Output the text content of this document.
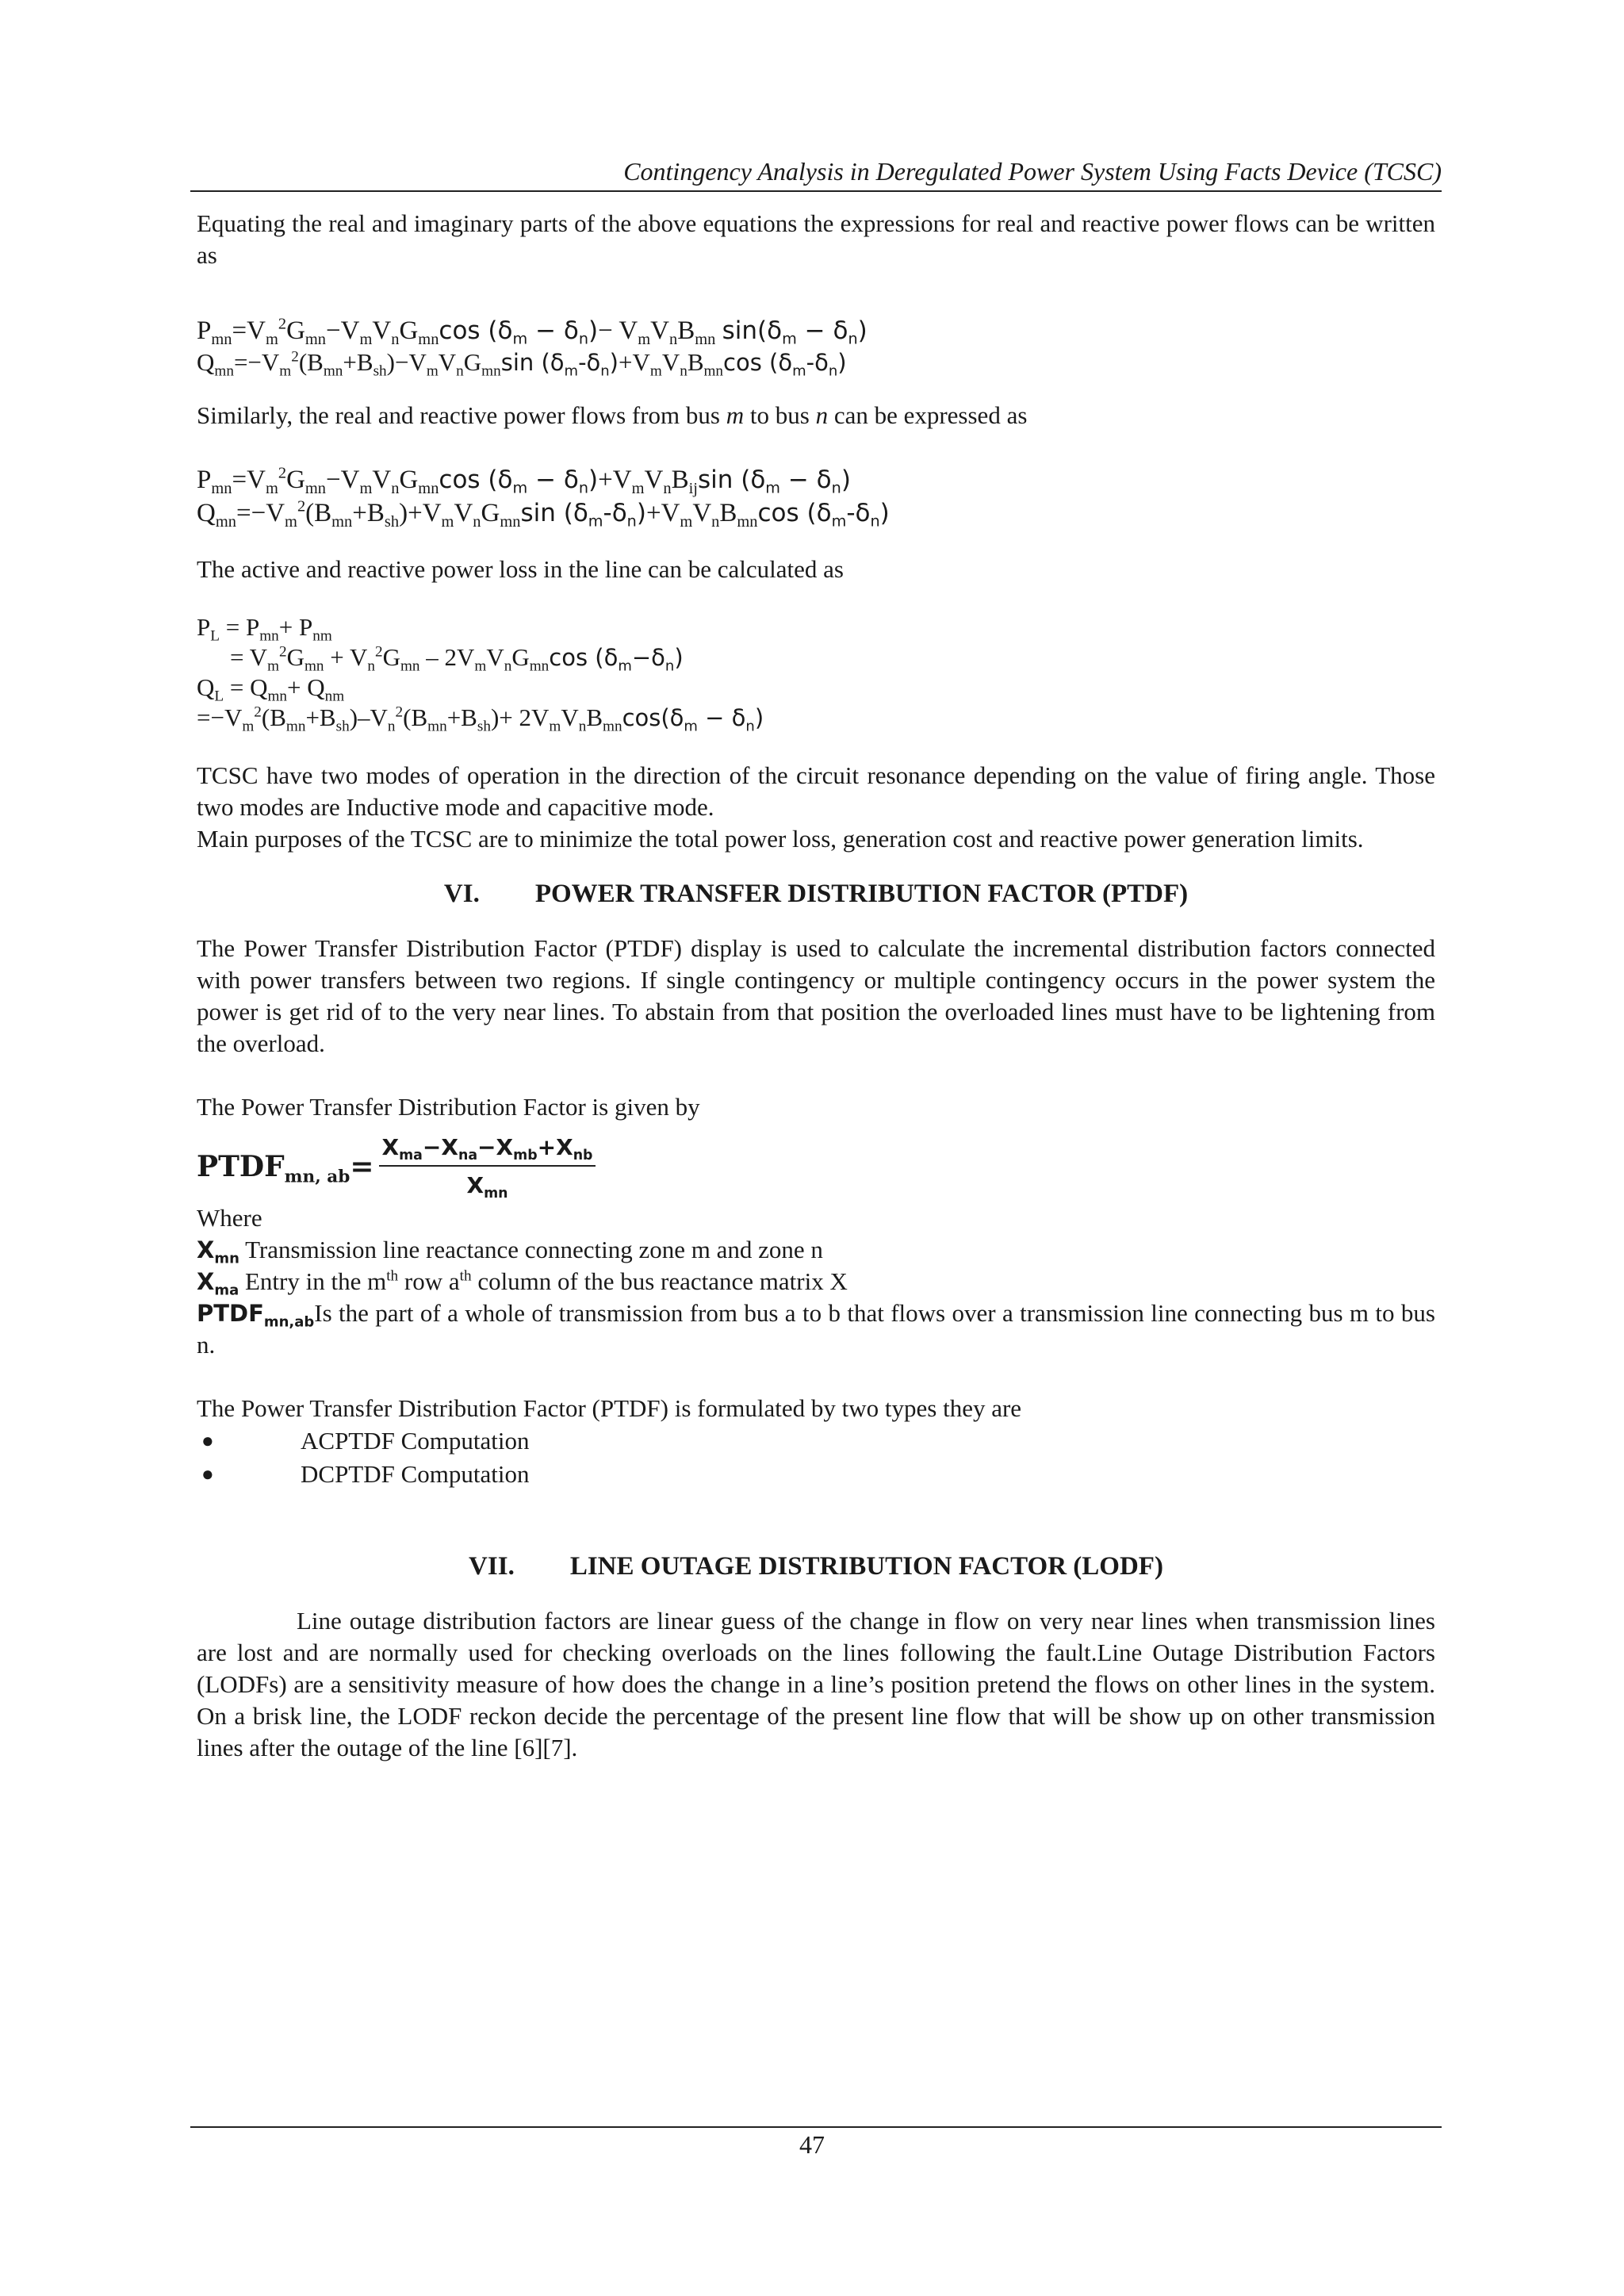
Contingency Analysis in Deregulated Power System Using Facts Device (TCSC)

Equating the real and imaginary parts of the above equations the expressions for real and reactive power flows can be written as

$P_{mn}=V_m^2G_{mn}-V_mV_nG_{mn}\cos$ $(\delta_m - \delta_n)- V_mV_nB_{mn}$ $\sin(\delta_m - \delta_n)$
$Q_{mn}=-V_m^2(B_{mn}+B_{sh})-V_mV_nG_{mn}\sin$ $(\delta_m-\delta_n)+V_mV_nB_{mn}\cos$ $(\delta_m-\delta_n)$

Similarly, the real and reactive power flows from bus m to bus n can be expressed as

$P_{mn}=V_m^2G_{mn}-V_mV_nG_{mn}\cos$ $(\delta_m - \delta_n)+V_mV_nB_{ij}\sin$ $(\delta_m - \delta_n)$
$Q_{mn}=-V_m^2(B_{mn}+B_{sh})+V_mV_nG_{mn}\sin$ $(\delta_m-\delta_n)+V_mV_nB_{mn}\cos$ $(\delta_m-\delta_n)$

The active and reactive power loss in the line can be calculated as

$P_L = P_{mn}+ P_{nm}$
= $V_m^2G_{mn} + V_n^2G_{mn} - 2V_mV_nG_{mn}\cos$ $(\delta_m-\delta_n)$
$Q_L = Q_{mn}+ Q_{nm}$
$=-V_m^2(B_{mn}+B_{sh})-V_n^2(B_{mn}+B_{sh})+ 2V_mV_nB_{mn}\cos(\delta_m - \delta_n)$

TCSC have two modes of operation in the direction of the circuit resonance depending on the value of firing angle. Those two modes are Inductive mode and capacitive mode.

Main purposes of the TCSC are to minimize the total power loss, generation cost and reactive power generation limits.

VI. POWER TRANSFER DISTRIBUTION FACTOR (PTDF)

The Power Transfer Distribution Factor (PTDF) display is used to calculate the incremental distribution factors connected with power transfers between two regions. If single contingency or multiple contingency occurs in the power system the power is get rid of to the very near lines. To abstain from that position the overloaded lines must have to be lightening from the overload.

The Power Transfer Distribution Factor is given by

$PTDF_{mn, ab}= \frac{X_{ma}-X_{na}-X_{mb}+X_{nb}}{X_{mn}}$

Where

$X_{mn}$ Transmission line reactance connecting zone m and zone n

$X_{ma}$ Entry in the $m^{th}$ row $a^{th}$ column of the bus reactance matrix X

$PTDF_{mn,ab}Is$ the part of a whole of transmission from bus a to b that flows over a transmission line connecting bus m to bus n.

The Power Transfer Distribution Factor (PTDF) is formulated by two types they are

●	ACPTDF Computation
●	DCPTDF Computation
VII. LINE OUTAGE DISTRIBUTION FACTOR (LODF)

Line outage distribution factors are linear guess of the change in flow on very near lines when transmission lines are lost and are normally used for checking overloads on the lines following the fault.Line Outage Distribution Factors (LODFs) are a sensitivity measure of how does the change in a line’s position pretend the flows on other lines in the system. On a brisk line, the LODF reckon decide the percentage of the present line flow that will be show up on other transmission lines after the outage of the line [6][7].

47
